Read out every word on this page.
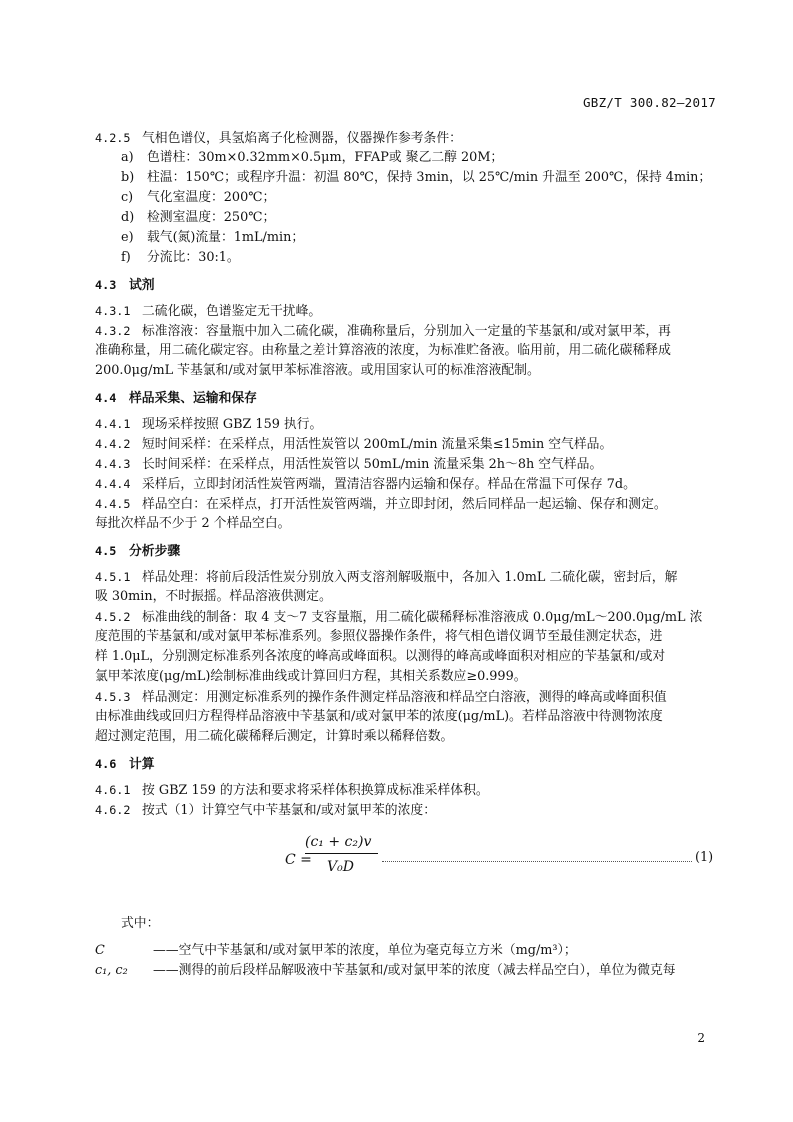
GBZ/T 300.82—2017
4.2.5 气相色谱仪，具氢焰离子化检测器，仪器操作参考条件：
a) 色谱柱：30m×0.32mm×0.5μm，FFAP或 聚乙二醇 20M；
b) 柱温：150℃；或程序升温：初温 80℃，保持 3min，以 25℃/min 升温至 200℃，保持 4min；
c) 气化室温度：200℃；
d) 检测室温度：250℃；
e) 载气(氮)流量：1mL/min；
f) 分流比：30:1。
4.3 试剂
4.3.1 二硫化碳，色谱鉴定无干扰峰。
4.3.2 标准溶液：容量瓶中加入二硫化碳，准确称量后，分别加入一定量的苄基氯和/或对氯甲苯，再
准确称量，用二硫化碳定容。由称量之差计算溶液的浓度，为标准贮备液。临用前，用二硫化碳稀释成
200.0μg/mL 苄基氯和/或对氯甲苯标准溶液。或用国家认可的标准溶液配制。
4.4 样品采集、运输和保存
4.4.1 现场采样按照 GBZ 159 执行。
4.4.2 短时间采样：在采样点，用活性炭管以 200mL/min 流量采集≤15min 空气样品。
4.4.3 长时间采样：在采样点，用活性炭管以 50mL/min 流量采集 2h～8h 空气样品。
4.4.4 采样后，立即封闭活性炭管两端，置清洁容器内运输和保存。样品在常温下可保存 7d。
4.4.5 样品空白：在采样点，打开活性炭管两端，并立即封闭，然后同样品一起运输、保存和测定。
每批次样品不少于 2 个样品空白。
4.5 分析步骤
4.5.1 样品处理：将前后段活性炭分别放入两支溶剂解吸瓶中，各加入 1.0mL 二硫化碳，密封后，解
吸 30min，不时振摇。样品溶液供测定。
4.5.2 标准曲线的制备：取 4 支～7 支容量瓶，用二硫化碳稀释标准溶液成 0.0μg/mL～200.0μg/mL 浓
度范围的苄基氯和/或对氯甲苯标准系列。参照仪器操作条件，将气相色谱仪调节至最佳测定状态，进
样 1.0μL，分别测定标准系列各浓度的峰高或峰面积。以测得的峰高或峰面积对相应的苄基氯和/或对
氯甲苯浓度(μg/mL)绘制标准曲线或计算回归方程，其相关系数应≥0.999。
4.5.3 样品测定：用测定标准系列的操作条件测定样品溶液和样品空白溶液，测得的峰高或峰面积值
由标准曲线或回归方程得样品溶液中苄基氯和/或对氯甲苯的浓度(μg/mL)。若样品溶液中待测物浓度
超过测定范围，用二硫化碳稀释后测定，计算时乘以稀释倍数。
4.6 计算
4.6.1 按 GBZ 159 的方法和要求将采样体积换算成标准采样体积。
4.6.2 按式（1）计算空气中苄基氯和/或对氯甲苯的浓度：
C =
(c₁ + c₂)v
V₀D
(1)
式中：
C	——空气中苄基氯和/或对氯甲苯的浓度，单位为毫克每立方米（mg/m³）；
c₁, c₂ ——测得的前后段样品解吸液中苄基氯和/或对氯甲苯的浓度（减去样品空白），单位为微克每
2
